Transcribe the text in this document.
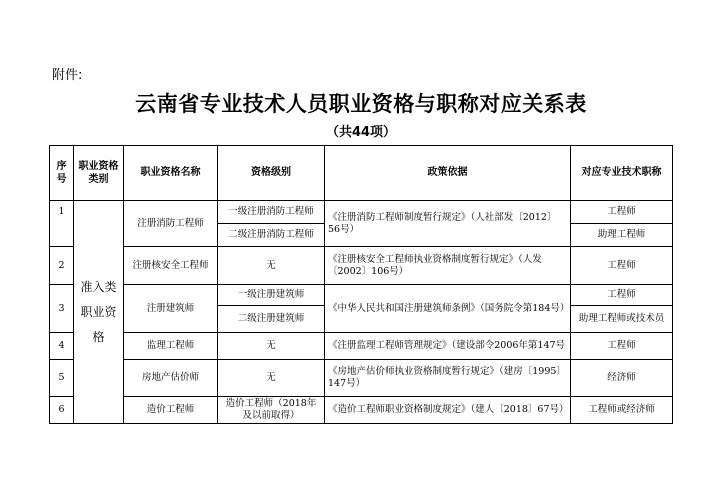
附件:
云南省专业技术人员职业资格与职称对应关系表
（共44项）
序号	职业资格类别	职业资格名称	资格级别	政策依据	对应专业技术职称
1	准入类职业资格	注册消防工程师	一级注册消防工程师	《注册消防工程师制度暂行规定》（人社部发〔2012〕56号）	工程师
			二级注册消防工程师		助理工程师
2		注册核安全工程师	无	《注册核安全工程师执业资格制度暂行规定》（人发〔2002〕106号）	工程师
3		注册建筑师	一级注册建筑师	《中华人民共和国注册建筑师条例》（国务院令第184号）	工程师
			二级注册建筑师		助理工程师或技术员
4		监理工程师	无	《注册监理工程师管理规定》（建设部令2006年第147号	工程师
5		房地产估价师	无	《房地产估价师执业资格制度暂行规定》（建房〔1995〕147号）	经济师
6		造价工程师	造价工程师（2018年及以前取得）	《造价工程师职业资格制度规定》（建人〔2018〕67号）	工程师或经济师
